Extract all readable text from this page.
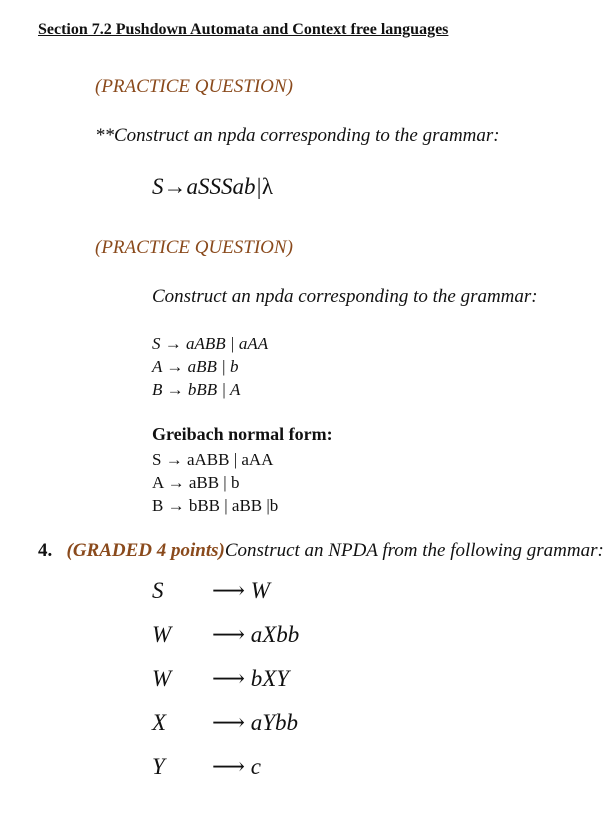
Section 7.2 Pushdown Automata and Context free languages
(PRACTICE QUESTION)
**Construct an npda corresponding to the grammar:
S→aSSSab|λ
(PRACTICE QUESTION)
Construct an npda corresponding to the grammar:
S → aABB | aAA
A → aBB | b
B → bBB | A
Greibach normal form:
S → aABB | aAA
A → aBB | b
B → bBB | aBB |b
4. (GRADED 4 points)Construct an NPDA from the following grammar:
S ⟶ W
W ⟶ aXbb
W ⟶ bXY
X ⟶ aYbb
Y ⟶ c
